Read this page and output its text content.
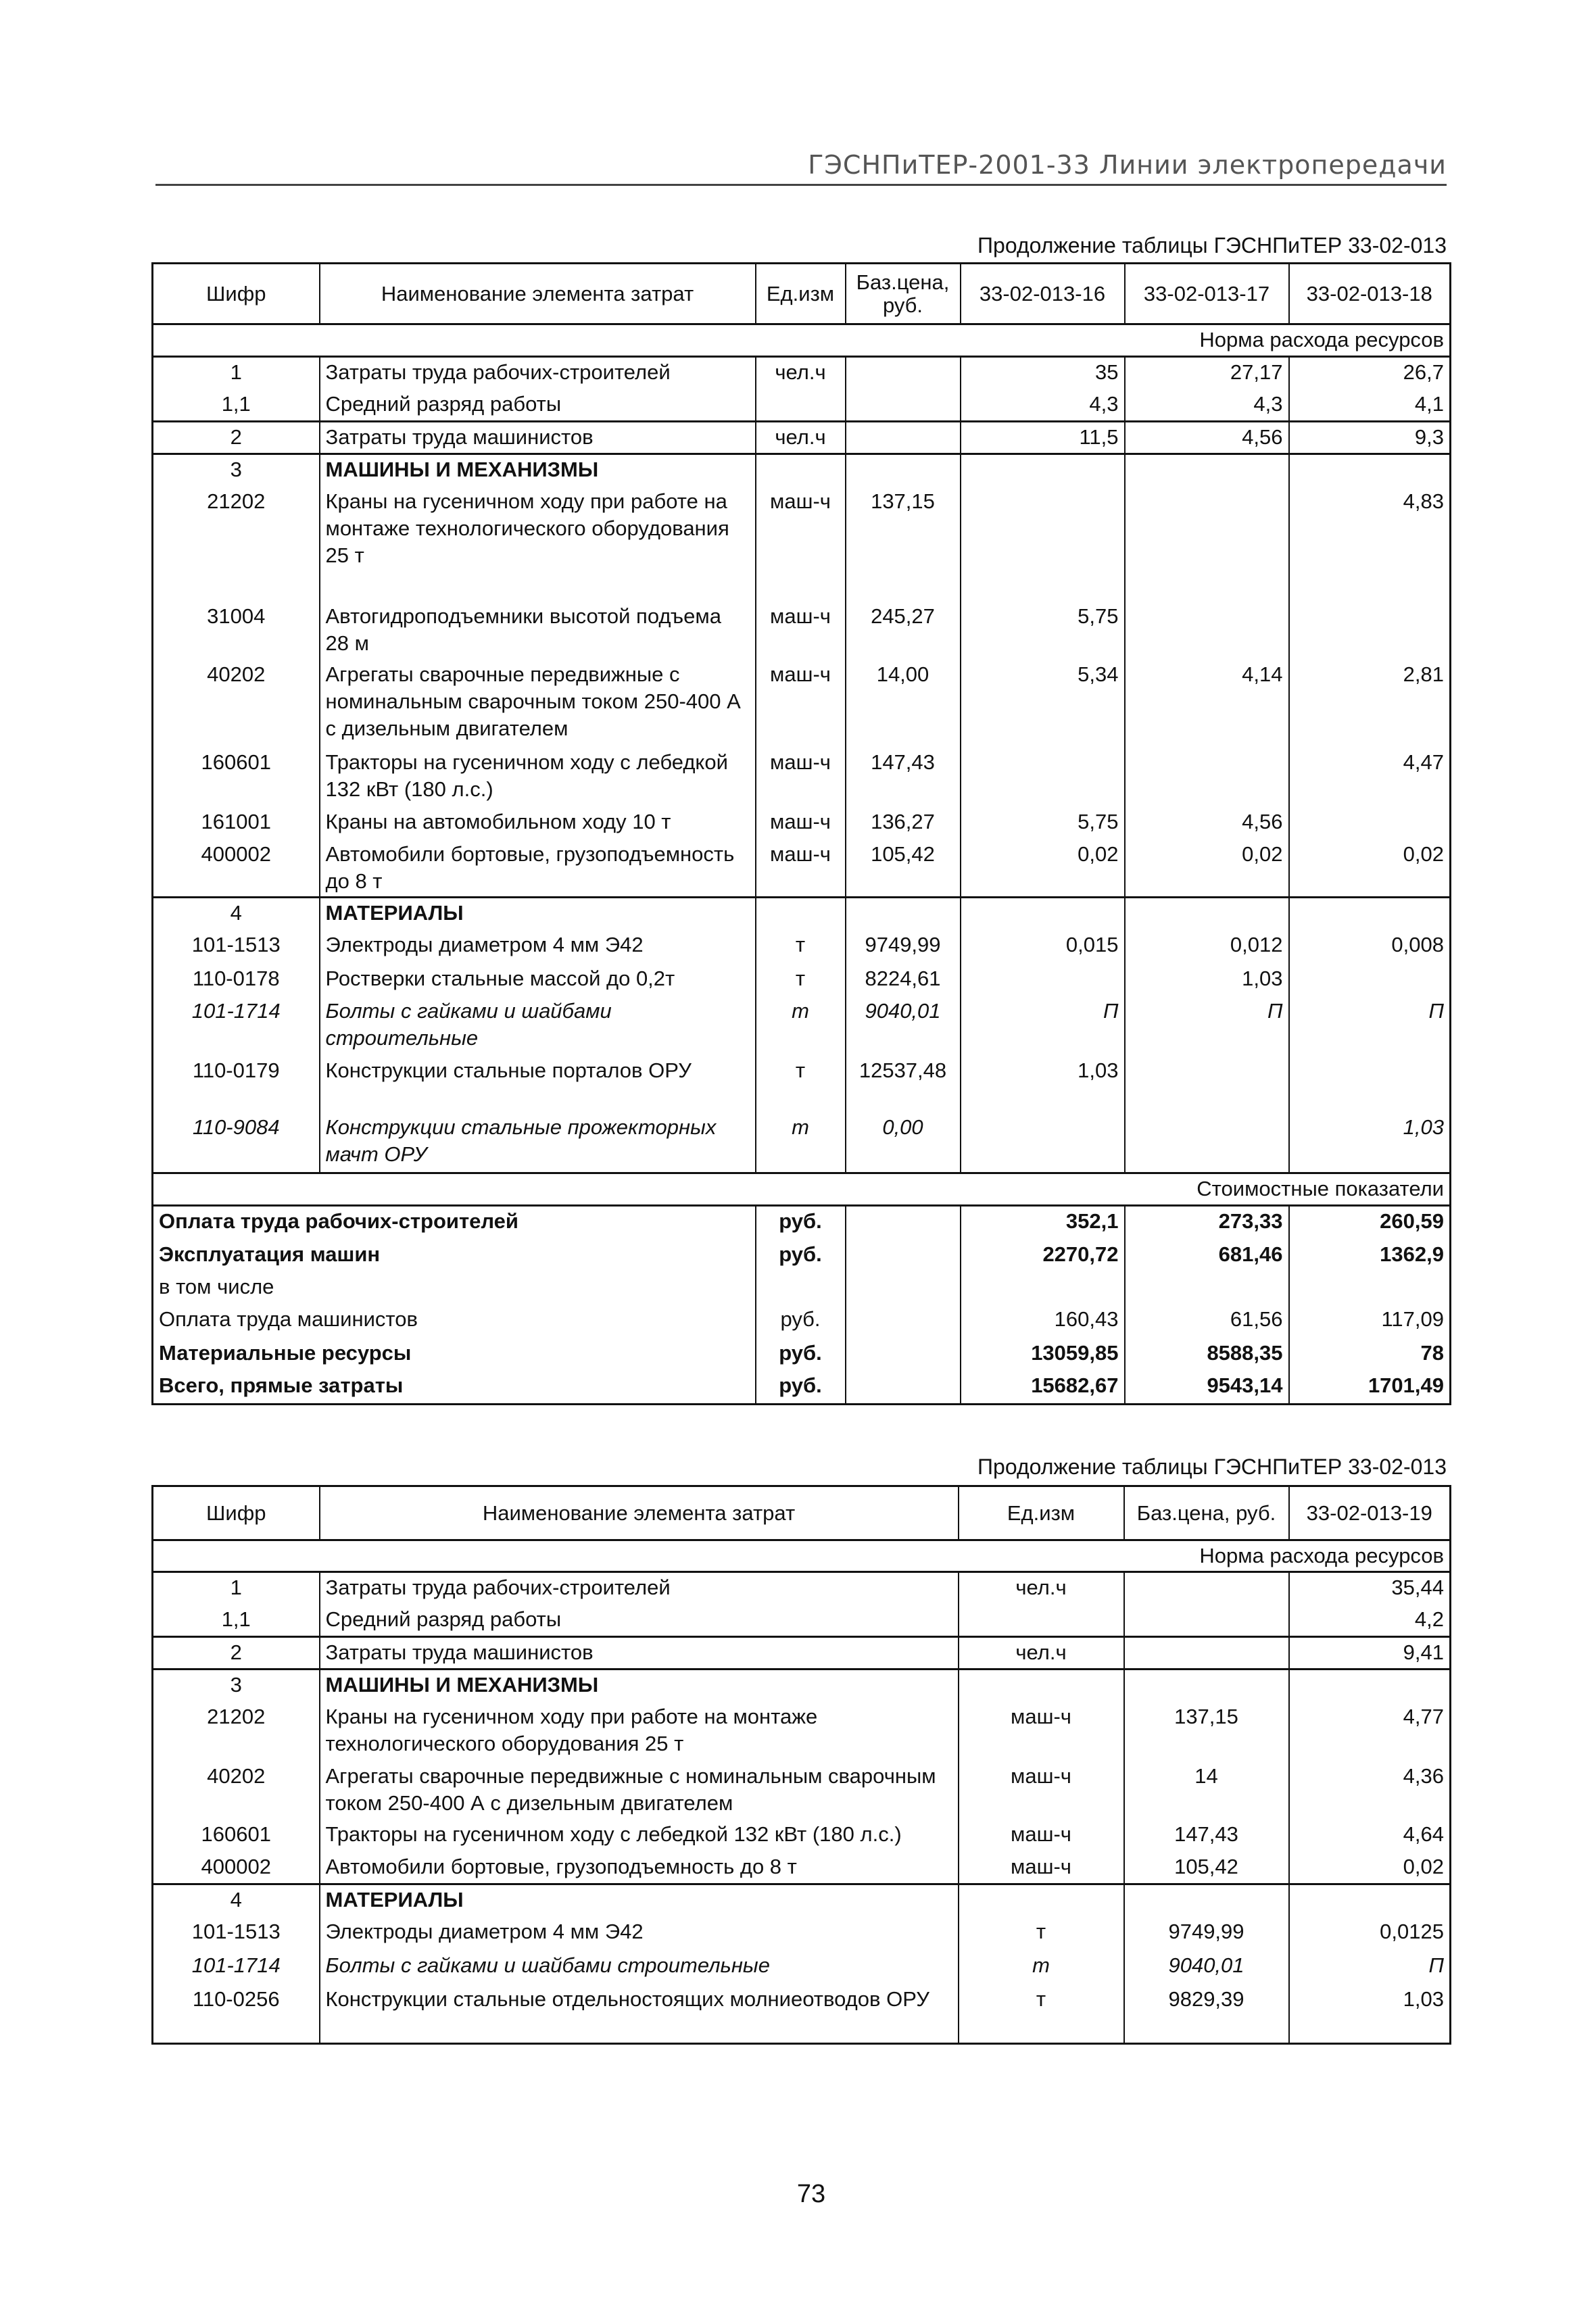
ГЭСНПиТЕР-2001-33 Линии электропередачи
Продолжение таблицы ГЭСНПиТЕР 33-02-013
Шифр	Наименование элемента затрат	Ед.изм	Баз.цена, руб.	33-02-013-16	33-02-013-17	33-02-013-18
Норма расхода ресурсов						
1	Затраты труда рабочих-строителей	чел.ч		35	27,17	26,7
1,1	Средний разряд работы			4,3	4,3	4,1
2	Затраты труда машинистов	чел.ч		11,5	4,56	9,3
3	МАШИНЫ И МЕХАНИЗМЫ					
21202	Краны на гусеничном ходу при работе на монтаже технологического оборудования 25 т	маш-ч	137,15			4,83
31004	Автогидроподъемники высотой подъема 28 м	маш-ч	245,27	5,75		
40202	Агрегаты сварочные передвижные с номинальным сварочным током 250-400 А с дизельным двигателем	маш-ч	14,00	5,34	4,14	2,81
160601	Тракторы на гусеничном ходу с лебедкой 132 кВт (180 л.с.)	маш-ч	147,43			4,47
161001	Краны на автомобильном ходу 10 т	маш-ч	136,27	5,75	4,56	
400002	Автомобили бортовые, грузоподъемность до 8 т	маш-ч	105,42	0,02	0,02	0,02
4	МАТЕРИАЛЫ					
101-1513	Электроды диаметром 4 мм Э42	т	9749,99	0,015	0,012	0,008
110-0178	Ростверки стальные массой до 0,2т	т	8224,61		1,03	
101-1714	Болты с гайками и шайбами строительные	т	9040,01	П	П	П
110-0179	Конструкции стальные порталов ОРУ	т	12537,48	1,03		
110-9084	Конструкции стальные прожекторных мачт ОРУ	т	0,00			1,03
Стоимостные показатели						
Оплата труда рабочих-строителей		руб.		352,1	273,33	260,59
Эксплуатация машин		руб.		2270,72	681,46	1362,9
в том числе						
Оплата труда машинистов		руб.		160,43	61,56	117,09
Материальные ресурсы		руб.		13059,85	8588,35	78
Всего, прямые затраты		руб.		15682,67	9543,14	1701,49
Продолжение таблицы ГЭСНПиТЕР 33-02-013
Шифр	Наименование элемента затрат	Ед.изм	Баз.цена, руб.	33-02-013-19
Норма расхода ресурсов				
1	Затраты труда рабочих-строителей	чел.ч		35,44
1,1	Средний разряд работы			4,2
2	Затраты труда машинистов	чел.ч		9,41
3	МАШИНЫ И МЕХАНИЗМЫ			
21202	Краны на гусеничном ходу при работе на монтаже технологического оборудования 25 т	маш-ч	137,15	4,77
40202	Агрегаты сварочные передвижные с номинальным сварочным током 250-400 А с дизельным двигателем	маш-ч	14	4,36
160601	Тракторы на гусеничном ходу с лебедкой 132 кВт (180 л.с.)	маш-ч	147,43	4,64
400002	Автомобили бортовые, грузоподъемность до 8 т	маш-ч	105,42	0,02
4	МАТЕРИАЛЫ			
101-1513	Электроды диаметром 4 мм Э42	т	9749,99	0,0125
101-1714	Болты с гайками и шайбами строительные	т	9040,01	П
110-0256	Конструкции стальные отдельностоящих молниеотводов ОРУ	т	9829,39	1,03
73
